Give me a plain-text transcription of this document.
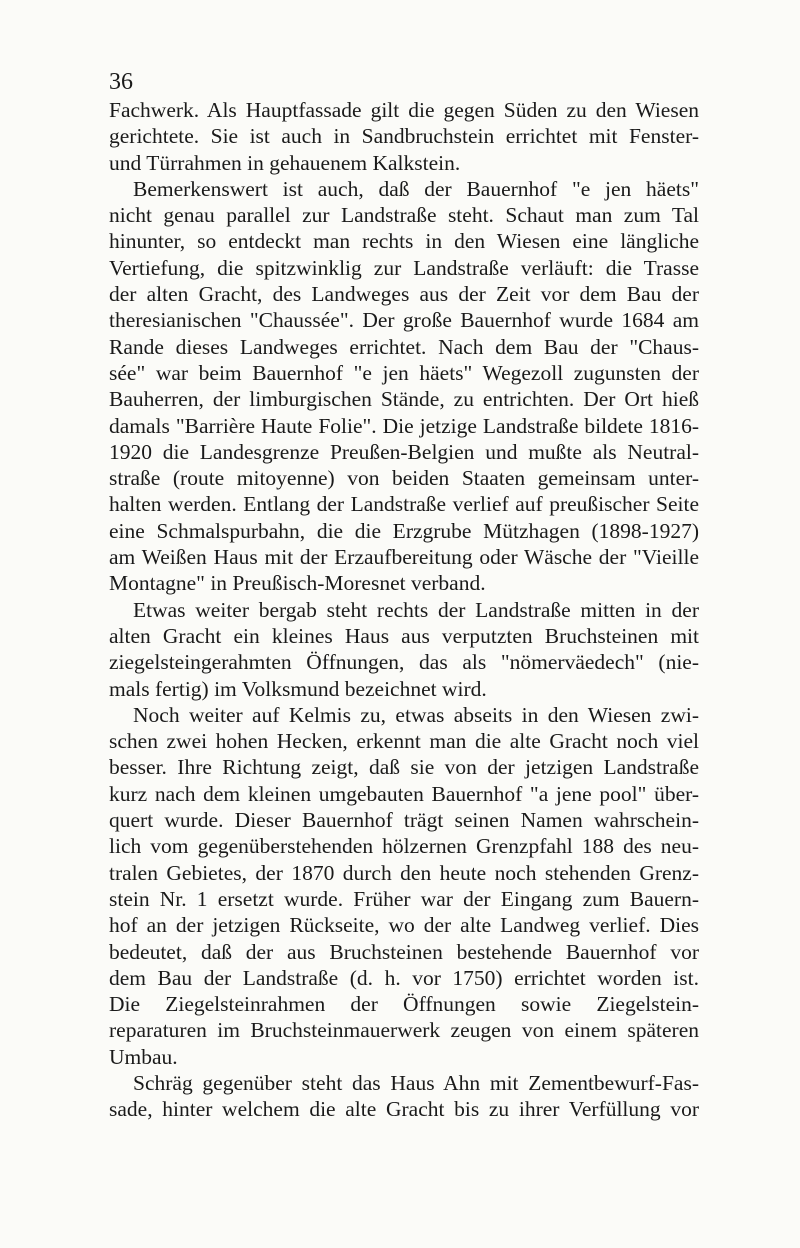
36
Fachwerk. Als Hauptfassade gilt die gegen Süden zu den Wiesen
gerichtete. Sie ist auch in Sandbruchstein errichtet mit Fenster-
und Türrahmen in gehauenem Kalkstein.
Bemerkenswert ist auch, daß der Bauernhof "e jen häets"
nicht genau parallel zur Landstraße steht. Schaut man zum Tal
hinunter, so entdeckt man rechts in den Wiesen eine längliche
Vertiefung, die spitzwinklig zur Landstraße verläuft: die Trasse
der alten Gracht, des Landweges aus der Zeit vor dem Bau der
theresianischen "Chaussée". Der große Bauernhof wurde 1684 am
Rande dieses Landweges errichtet. Nach dem Bau der "Chaus-
sée" war beim Bauernhof "e jen häets" Wegezoll zugunsten der
Bauherren, der limburgischen Stände, zu entrichten. Der Ort hieß
damals "Barrière Haute Folie". Die jetzige Landstraße bildete 1816-
1920 die Landesgrenze Preußen-Belgien und mußte als Neutral-
straße (route mitoyenne) von beiden Staaten gemeinsam unter-
halten werden. Entlang der Landstraße verlief auf preußischer Seite
eine Schmalspurbahn, die die Erzgrube Mützhagen (1898-1927)
am Weißen Haus mit der Erzaufbereitung oder Wäsche der "Vieille
Montagne" in Preußisch-Moresnet verband.
Etwas weiter bergab steht rechts der Landstraße mitten in der
alten Gracht ein kleines Haus aus verputzten Bruchsteinen mit
ziegelsteingerahmten Öffnungen, das als "nömerväedech" (nie-
mals fertig) im Volksmund bezeichnet wird.
Noch weiter auf Kelmis zu, etwas abseits in den Wiesen zwi-
schen zwei hohen Hecken, erkennt man die alte Gracht noch viel
besser. Ihre Richtung zeigt, daß sie von der jetzigen Landstraße
kurz nach dem kleinen umgebauten Bauernhof "a jene pool" über-
quert wurde. Dieser Bauernhof trägt seinen Namen wahrschein-
lich vom gegenüberstehenden hölzernen Grenzpfahl 188 des neu-
tralen Gebietes, der 1870 durch den heute noch stehenden Grenz-
stein Nr. 1 ersetzt wurde. Früher war der Eingang zum Bauern-
hof an der jetzigen Rückseite, wo der alte Landweg verlief. Dies
bedeutet, daß der aus Bruchsteinen bestehende Bauernhof vor
dem Bau der Landstraße (d. h. vor 1750) errichtet worden ist.
Die Ziegelsteinrahmen der Öffnungen sowie Ziegelstein-
reparaturen im Bruchsteinmauerwerk zeugen von einem späteren
Umbau.
Schräg gegenüber steht das Haus Ahn mit Zementbewurf-Fas-
sade, hinter welchem die alte Gracht bis zu ihrer Verfüllung vor
